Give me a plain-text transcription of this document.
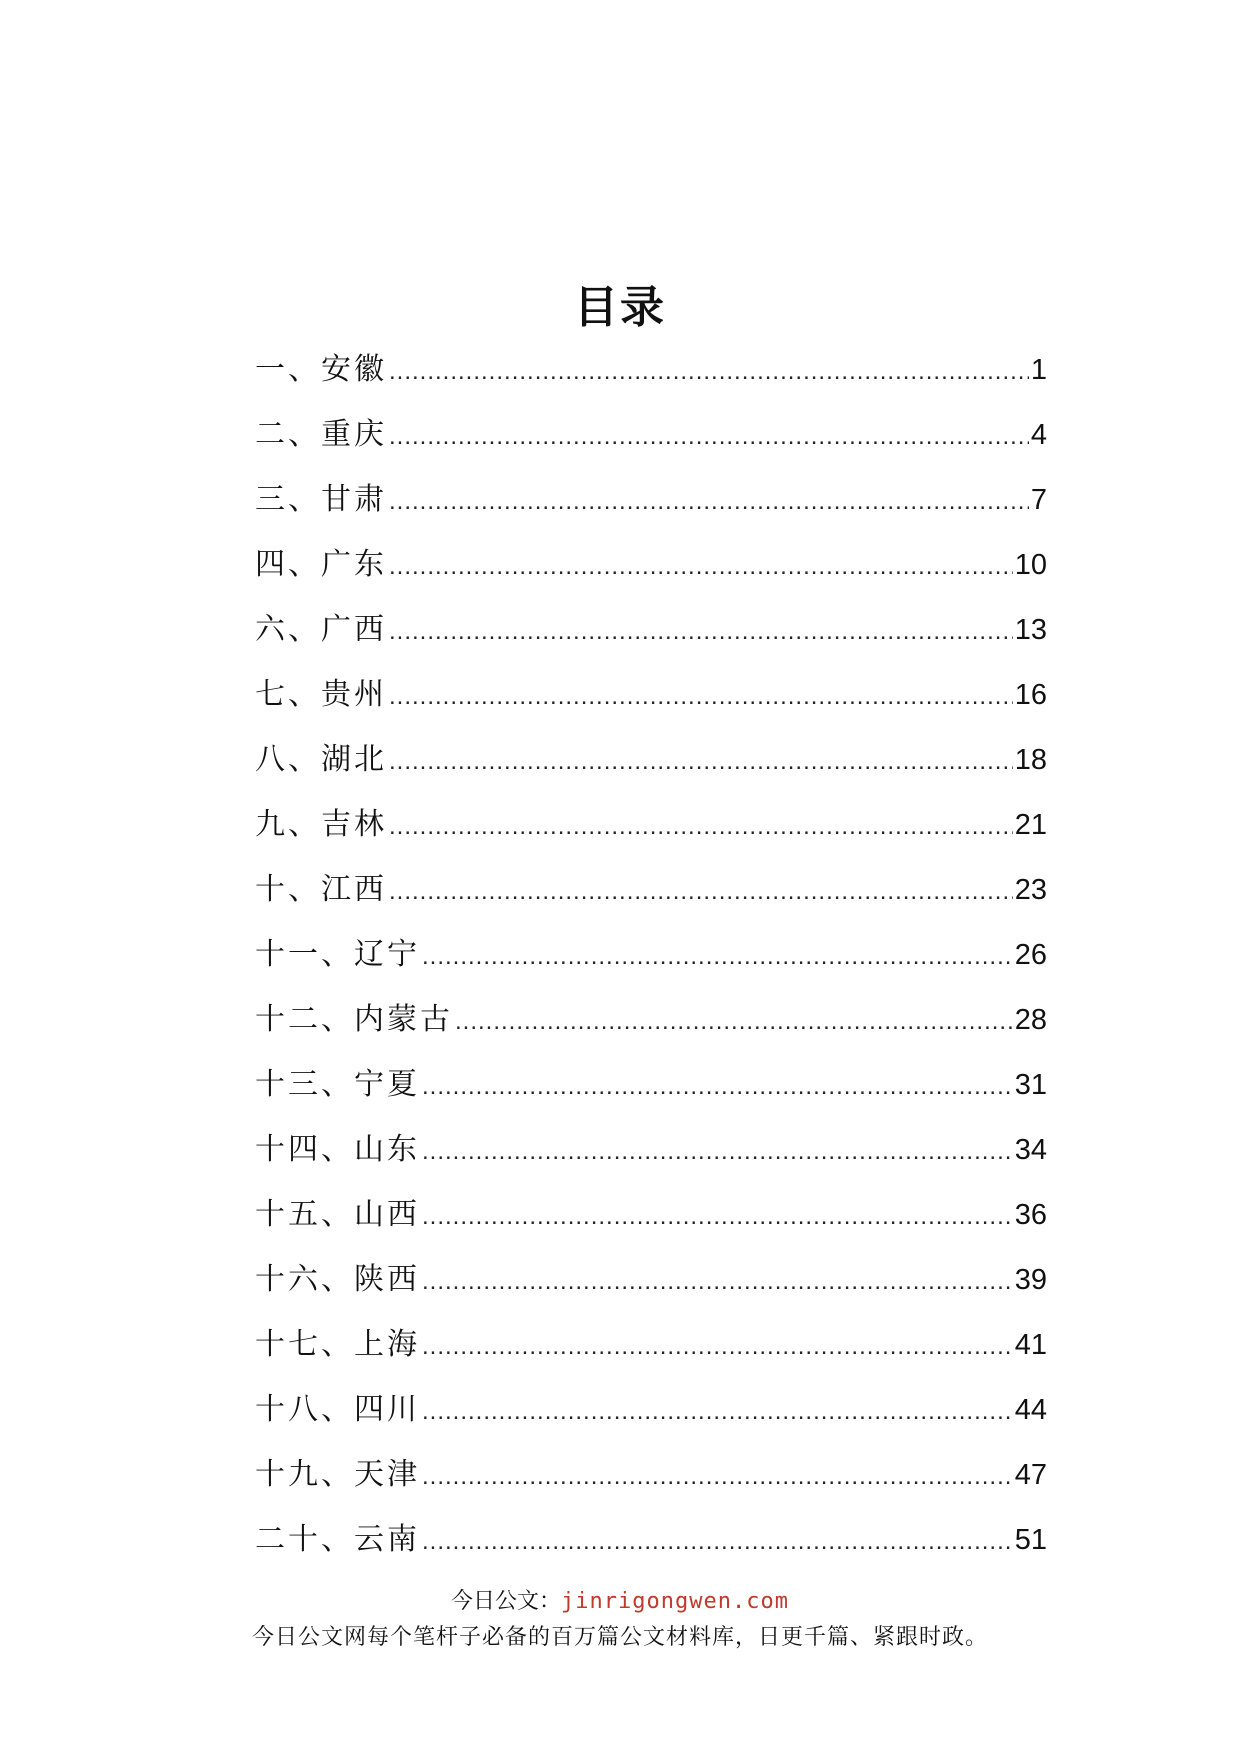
目录
一、安徽 .....	1
二、重庆 .....	4
三、甘肃 .....	7
四、广东 .....	10
六、广西 .....	13
七、贵州 .....	16
八、湖北 .....	18
九、吉林 .....	21
十、江西 .....	23
十一、辽宁 .....	26
十二、内蒙古 .....	28
十三、宁夏 .....	31
十四、山东 .....	34
十五、山西 .....	36
十六、陕西 .....	39
十七、上海 .....	41
十八、四川 .....	44
十九、天津 .....	47
二十、云南 .....	51
今日公文：jinrigongwen.com
今日公文网每个笔杆子必备的百万篇公文材料库，日更千篇、紧跟时政。
